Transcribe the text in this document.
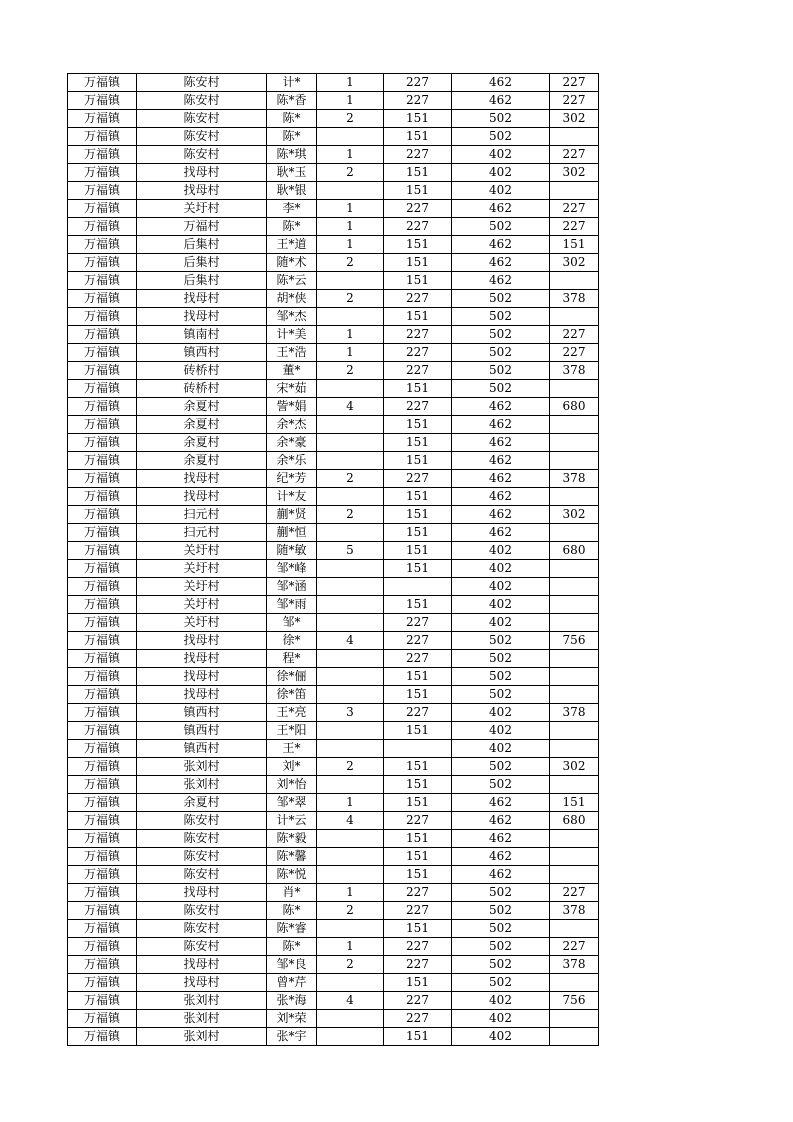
万福镇	陈安村	计*	1	227	462	227
万福镇	陈安村	陈*香	1	227	462	227
万福镇	陈安村	陈*	2	151	502	302
万福镇	陈安村	陈*		151	502	
万福镇	陈安村	陈*琪	1	227	402	227
万福镇	找母村	耿*玉	2	151	402	302
万福镇	找母村	耿*银		151	402	
万福镇	关圩村	李*	1	227	462	227
万福镇	万福村	陈*	1	227	502	227
万福镇	后集村	王*道	1	151	462	151
万福镇	后集村	随*术	2	151	462	302
万福镇	后集村	陈*云		151	462	
万福镇	找母村	胡*侠	2	227	502	378
万福镇	找母村	邹*杰		151	502	
万福镇	镇南村	计*美	1	227	502	227
万福镇	镇西村	王*浩	1	227	502	227
万福镇	砖桥村	董*	2	227	502	378
万福镇	砖桥村	宋*茹		151	502	
万福镇	余夏村	訾*娟	4	227	462	680
万福镇	余夏村	余*杰		151	462	
万福镇	余夏村	余*豪		151	462	
万福镇	余夏村	余*乐		151	462	
万福镇	找母村	纪*芳	2	227	462	378
万福镇	找母村	计*友		151	462	
万福镇	扫元村	蒯*贤	2	151	462	302
万福镇	扫元村	蒯*恒		151	462	
万福镇	关圩村	随*敏	5	151	402	680
万福镇	关圩村	邹*峰		151	402	
万福镇	关圩村	邹*涵			402	
万福镇	关圩村	邹*雨		151	402	
万福镇	关圩村	邹*		227	402	
万福镇	找母村	徐*	4	227	502	756
万福镇	找母村	程*		227	502	
万福镇	找母村	徐*俪		151	502	
万福镇	找母村	徐*笛		151	502	
万福镇	镇西村	王*亮	3	227	402	378
万福镇	镇西村	王*阳		151	402	
万福镇	镇西村	王*			402	
万福镇	张刘村	刘*	2	151	502	302
万福镇	张刘村	刘*怡		151	502	
万福镇	余夏村	邹*翠	1	151	462	151
万福镇	陈安村	计*云	4	227	462	680
万福镇	陈安村	陈*毅		151	462	
万福镇	陈安村	陈*馨		151	462	
万福镇	陈安村	陈*悦		151	462	
万福镇	找母村	肖*	1	227	502	227
万福镇	陈安村	陈*	2	227	502	378
万福镇	陈安村	陈*睿		151	502	
万福镇	陈安村	陈*	1	227	502	227
万福镇	找母村	邹*良	2	227	502	378
万福镇	找母村	曾*芹		151	502	
万福镇	张刘村	张*海	4	227	402	756
万福镇	张刘村	刘*荣		227	402	
万福镇	张刘村	张*宇		151	402	
